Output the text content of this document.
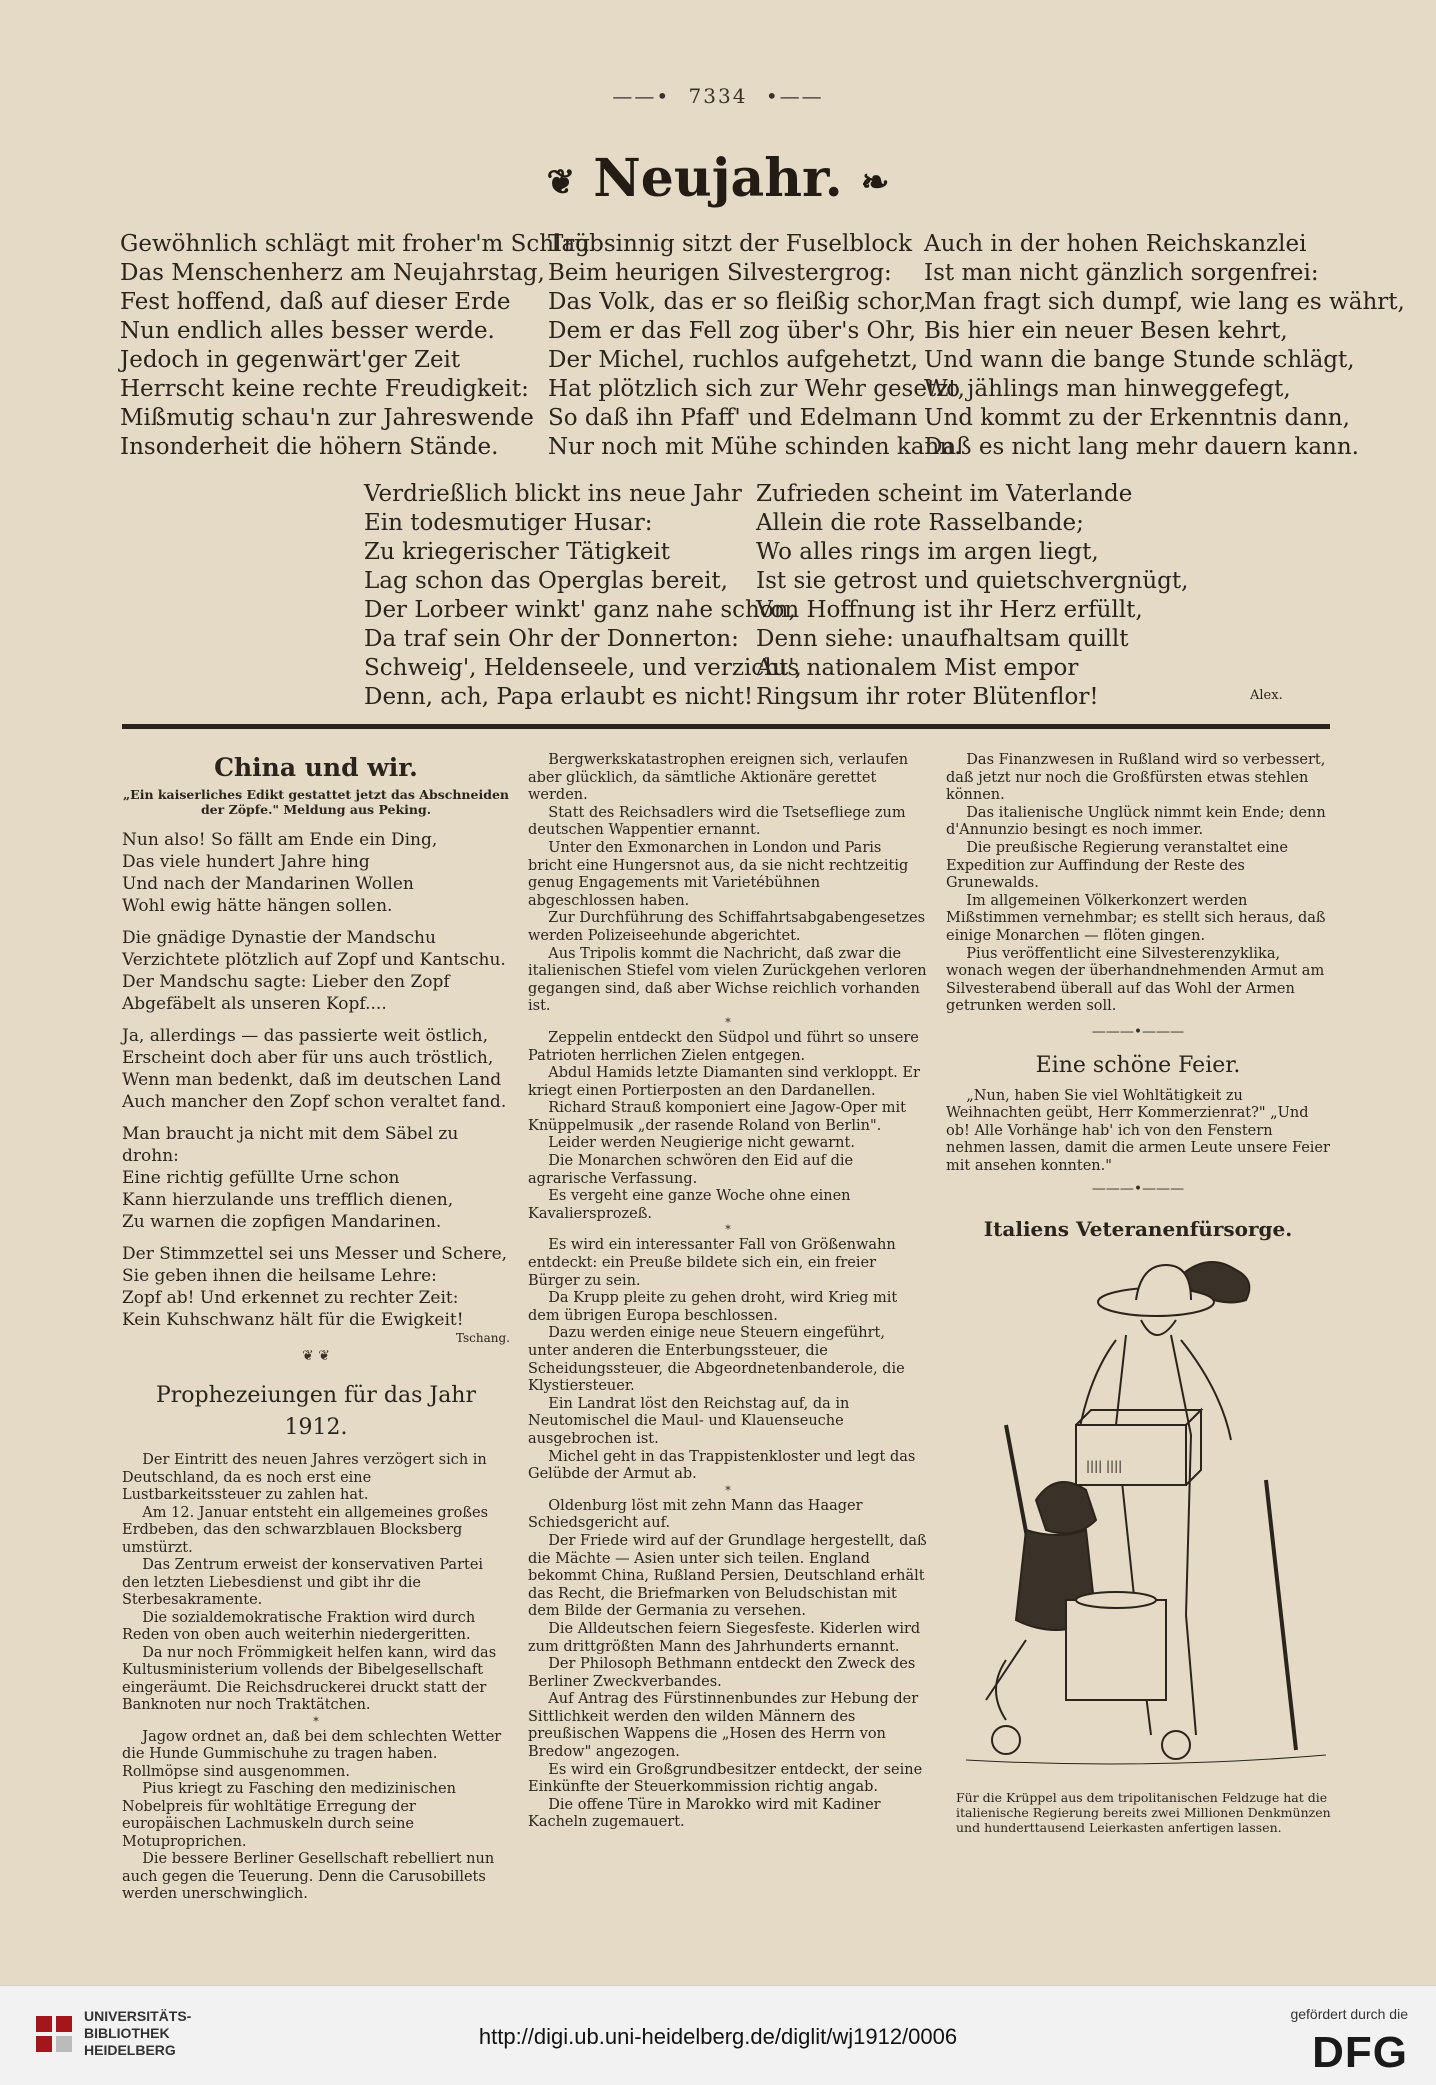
——• 7334 •——
❦ Neujahr. ❧
Gewöhnlich schlägt mit froher'm Schlag
Das Menschenherz am Neujahrstag,
Fest hoffend, daß auf dieser Erde
Nun endlich alles besser werde.
Jedoch in gegenwärt'ger Zeit
Herrscht keine rechte Freudigkeit:
Mißmutig schau'n zur Jahreswende
Insonderheit die höhern Stände.
Trübsinnig sitzt der Fuselblock
Beim heurigen Silvestergrog:
Das Volk, das er so fleißig schor,
Dem er das Fell zog über's Ohr,
Der Michel, ruchlos aufgehetzt,
Hat plötzlich sich zur Wehr gesetzt,
So daß ihn Pfaff' und Edelmann
Nur noch mit Mühe schinden kann.
Auch in der hohen Reichskanzlei
Ist man nicht gänzlich sorgenfrei:
Man fragt sich dumpf, wie lang es währt,
Bis hier ein neuer Besen kehrt,
Und wann die bange Stunde schlägt,
Wo jählings man hinweggefegt,
Und kommt zu der Erkenntnis dann,
Daß es nicht lang mehr dauern kann.
Verdrießlich blickt ins neue Jahr
Ein todesmutiger Husar:
Zu kriegerischer Tätigkeit
Lag schon das Operglas bereit,
Der Lorbeer winkt' ganz nahe schon,
Da traf sein Ohr der Donnerton:
Schweig', Heldenseele, und verzicht',
Denn, ach, Papa erlaubt es nicht!
Zufrieden scheint im Vaterlande
Allein die rote Rasselbande;
Wo alles rings im argen liegt,
Ist sie getrost und quietschvergnügt,
Von Hoffnung ist ihr Herz erfüllt,
Denn siehe: unaufhaltsam quillt
Aus nationalem Mist empor
Ringsum ihr roter Blütenflor!	Alex.
China und wir.
„Ein kaiserliches Edikt gestattet jetzt das Abschneiden der Zöpfe." Meldung aus Peking.
Nun also! So fällt am Ende ein Ding,
Das viele hundert Jahre hing
Und nach der Mandarinen Wollen
Wohl ewig hätte hängen sollen.
Die gnädige Dynastie der Mandschu
Verzichtete plötzlich auf Zopf und Kantschu.
Der Mandschu sagte: Lieber den Zopf
Abgefäbelt als unseren Kopf....
Ja, allerdings — das passierte weit östlich,
Erscheint doch aber für uns auch tröstlich,
Wenn man bedenkt, daß im deutschen Land
Auch mancher den Zopf schon veraltet fand.
Man braucht ja nicht mit dem Säbel zu drohn:
Eine richtig gefüllte Urne schon
Kann hierzulande uns trefflich dienen,
Zu warnen die zopfigen Mandarinen.
Der Stimmzettel sei uns Messer und Schere,
Sie geben ihnen die heilsame Lehre:
Zopf ab! Und erkennet zu rechter Zeit:
Kein Kuhschwanz hält für die Ewigkeit!
Tschang.
❦ ❦
Prophezeiungen für das Jahr 1912.

Der Eintritt des neuen Jahres verzögert sich in Deutschland, da es noch erst eine Lustbarkeitssteuer zu zahlen hat.

Am 12. Januar entsteht ein allgemeines großes Erdbeben, das den schwarzblauen Blocksberg umstürzt.

Das Zentrum erweist der konservativen Partei den letzten Liebesdienst und gibt ihr die Sterbesakramente.

Die sozialdemokratische Fraktion wird durch Reden von oben auch weiterhin niedergeritten.

Da nur noch Frömmigkeit helfen kann, wird das Kultusministerium vollends der Bibelgesellschaft eingeräumt. Die Reichsdruckerei druckt statt der Banknoten nur noch Traktätchen.

*

Jagow ordnet an, daß bei dem schlechten Wetter die Hunde Gummischuhe zu tragen haben. Rollmöpse sind ausgenommen.

Pius kriegt zu Fasching den medizinischen Nobelpreis für wohltätige Erregung der europäischen Lachmuskeln durch seine Motuproprichen.

Die bessere Berliner Gesellschaft rebelliert nun auch gegen die Teuerung. Denn die Carusobillets werden unerschwinglich.

Bergwerkskatastrophen ereignen sich, verlaufen aber glücklich, da sämtliche Aktionäre gerettet werden.

Statt des Reichsadlers wird die Tsetsefliege zum deutschen Wappentier ernannt.

Unter den Exmonarchen in London und Paris bricht eine Hungersnot aus, da sie nicht rechtzeitig genug Engagements mit Varietébühnen abgeschlossen haben.

Zur Durchführung des Schiffahrtsabgabengesetzes werden Polizeiseehunde abgerichtet.

Aus Tripolis kommt die Nachricht, daß zwar die italienischen Stiefel vom vielen Zurückgehen verloren gegangen sind, daß aber Wichse reichlich vorhanden ist.

*

Zeppelin entdeckt den Südpol und führt so unsere Patrioten herrlichen Zielen entgegen.

Abdul Hamids letzte Diamanten sind verkloppt. Er kriegt einen Portierposten an den Dardanellen.

Richard Strauß komponiert eine Jagow-Oper mit Knüppelmusik „der rasende Roland von Berlin".

Leider werden Neugierige nicht gewarnt.

Die Monarchen schwören den Eid auf die agrarische Verfassung.

Es vergeht eine ganze Woche ohne einen Kavaliersprozeß.

*

Es wird ein interessanter Fall von Größenwahn entdeckt: ein Preuße bildete sich ein, ein freier Bürger zu sein.

Da Krupp pleite zu gehen droht, wird Krieg mit dem übrigen Europa beschlossen.

Dazu werden einige neue Steuern eingeführt, unter anderen die Enterbungssteuer, die Scheidungssteuer, die Abgeordnetenbanderole, die Klystiersteuer.

Ein Landrat löst den Reichstag auf, da in Neutomischel die Maul- und Klauenseuche ausgebrochen ist.

Michel geht in das Trappistenkloster und legt das Gelübde der Armut ab.

*

Oldenburg löst mit zehn Mann das Haager Schiedsgericht auf.

Der Friede wird auf der Grundlage hergestellt, daß die Mächte — Asien unter sich teilen. England bekommt China, Rußland Persien, Deutschland erhält das Recht, die Briefmarken von Beludschistan mit dem Bilde der Germania zu versehen.

Die Alldeutschen feiern Siegesfeste. Kiderlen wird zum drittgrößten Mann des Jahrhunderts ernannt.

Der Philosoph Bethmann entdeckt den Zweck des Berliner Zweckverbandes.

Auf Antrag des Fürstinnenbundes zur Hebung der Sittlichkeit werden den wilden Männern des preußischen Wappens die „Hosen des Herrn von Bredow" angezogen.

Es wird ein Großgrundbesitzer entdeckt, der seine Einkünfte der Steuerkommission richtig angab.

Die offene Türe in Marokko wird mit Kadiner Kacheln zugemauert.

Das Finanzwesen in Rußland wird so verbessert, daß jetzt nur noch die Großfürsten etwas stehlen können.

Das italienische Unglück nimmt kein Ende; denn d'Annunzio besingt es noch immer.

Die preußische Regierung veranstaltet eine Expedition zur Auffindung der Reste des Grunewalds.

Im allgemeinen Völkerkonzert werden Mißstimmen vernehmbar; es stellt sich heraus, daß einige Monarchen — flöten gingen.

Pius veröffentlicht eine Silvesterenzyklika, wonach wegen der überhandnehmenden Armut am Silvesterabend überall auf das Wohl der Armen getrunken werden soll.

———•———
Eine schöne Feier.

„Nun, haben Sie viel Wohltätigkeit zu Weihnachten geübt, Herr Kommerzienrat?" „Und ob! Alle Vorhänge hab' ich von den Fenstern nehmen lassen, damit die armen Leute unsere Feier mit ansehen konnten."

———•———
Italiens Veteranenfürsorge.
|||| ||||
Für die Krüppel aus dem tripolitanischen Feldzuge hat die italienische Regierung bereits zwei Millionen Denkmünzen und hunderttausend Leierkasten anfertigen lassen.
UNIVERSITÄTS-
BIBLIOTHEK
HEIDELBERG
http://digi.ub.uni-heidelberg.de/diglit/wj1912/0006
gefördert durch die
DFG
